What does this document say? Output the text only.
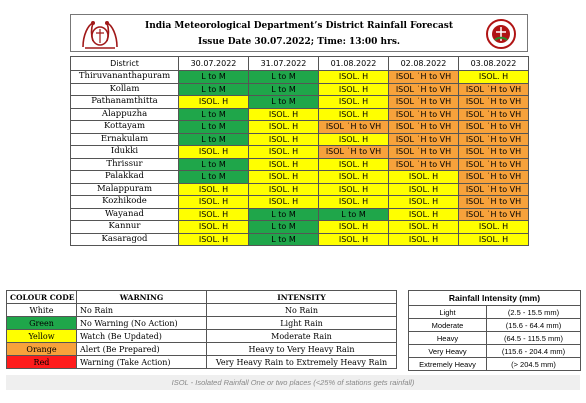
India Meteorological Department’s District Rainfall Forecast
Issue Date 30.07.2022; Time: 13:00 hrs.
District	30.07.2022	31.07.2022	01.08.2022	02.08.2022	03.08.2022
Thiruvananthapuram	L to M	L to M	ISOL. H	ISOL ˙H to VH	ISOL. H
Kollam	L to M	L to M	ISOL. H	ISOL ˙H to VH	ISOL ˙H to VH
Pathanamthitta	ISOL. H	L to M	ISOL. H	ISOL ˙H to VH	ISOL ˙H to VH
Alappuzha	L to M	ISOL. H	ISOL. H	ISOL ˙H to VH	ISOL ˙H to VH
Kottayam	L to M	ISOL. H	ISOL ˙H to VH	ISOL ˙H to VH	ISOL ˙H to VH
Ernakulam	L to M	ISOL. H	ISOL. H	ISOL ˙H to VH	ISOL ˙H to VH
Idukki	ISOL. H	ISOL. H	ISOL ˙H to VH	ISOL ˙H to VH	ISOL ˙H to VH
Thrissur	L to M	ISOL. H	ISOL. H	ISOL ˙H to VH	ISOL ˙H to VH
Palakkad	L to M	ISOL. H	ISOL. H	ISOL. H	ISOL ˙H to VH
Malappuram	ISOL. H	ISOL. H	ISOL. H	ISOL. H	ISOL ˙H to VH
Kozhikode	ISOL. H	ISOL. H	ISOL. H	ISOL. H	ISOL ˙H to VH
Wayanad	ISOL. H	L to M	L to M	ISOL. H	ISOL ˙H to VH
Kannur	ISOL. H	L to M	ISOL. H	ISOL. H	ISOL. H
Kasaragod	ISOL. H	L to M	ISOL. H	ISOL. H	ISOL. H
COLOUR CODE	WARNING	INTENSITY
White	No Rain	No Rain
Green	No Warning (No Action)	Light Rain
Yellow	Watch (Be Updated)	Moderate Rain
Orange	Alert (Be Prepared)	Heavy to Very Heavy Rain
Red	Warning (Take Action)	Very Heavy Rain to Extremely Heavy Rain
Rainfall Intensity (mm)	
Light	(2.5 - 15.5 mm)
Moderate	(15.6 - 64.4 mm)
Heavy	(64.5 - 115.5 mm)
Very Heavy	(115.6 - 204.4 mm)
Extremely Heavy	(> 204.5 mm)
ISOL - Isolated Rainfall One or two places (<25% of stations gets rainfall)
